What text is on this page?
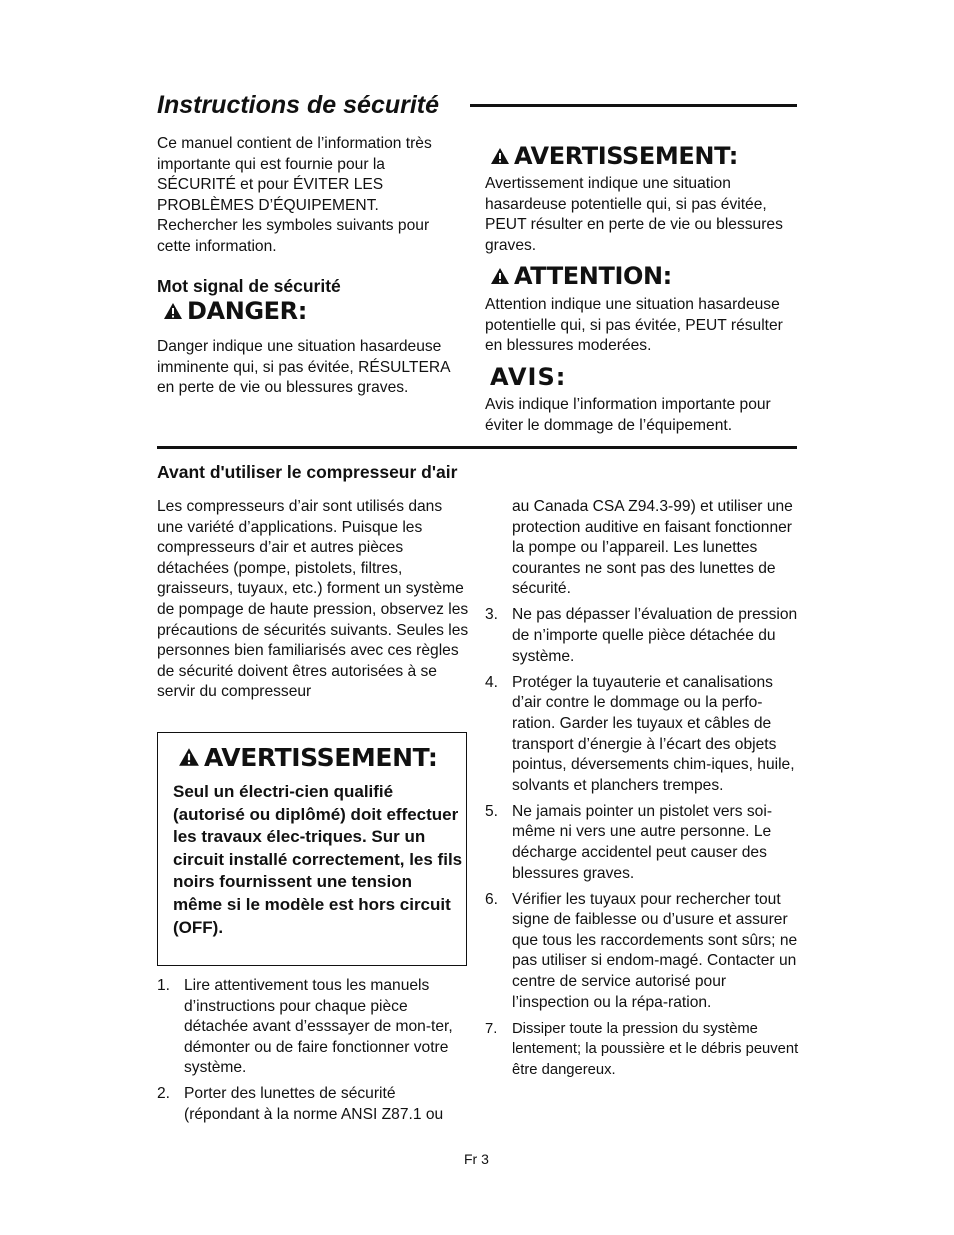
Instructions de sécurité
Ce manuel contient de l’information très importante qui est fournie pour la SÉCURITÉ et pour ÉVITER LES PROBLÈMES D’ÉQUIPEMENT. Rechercher les symboles suivants pour cette information.
Mot signal de sécurité
DANGER:
Danger indique une situation hasardeuse imminente qui, si pas évitée, RÉSULTERA en perte de vie ou blessures graves.
AVERTISSEMENT:
Avertissement indique une situation hasardeuse potentielle qui, si pas évitée, PEUT résulter en perte de vie ou blessures graves.
ATTENTION:
Attention indique une situation hasardeuse potentielle qui, si pas évitée, PEUT résulter en blessures moderées.
AVIS:
Avis indique l’information importante pour éviter le dommage de l’équipement.
Avant d'utiliser le compresseur d'air
Les compresseurs d’air sont utilisés dans une variété d’applications. Puisque les compresseurs d’air et autres pièces détachées (pompe, pistolets, filtres, graisseurs, tuyaux, etc.) forment un système de pompage de haute pression, observez les précautions de sécurités suivants. Seules les personnes bien familiarisés avec ces règles de sécurité doivent êtres autorisées à se servir du compresseur
AVERTISSEMENT:
Seul un électri-cien qualifié (autorisé ou diplômé) doit effectuer les travaux élec-triques. Sur un circuit installé correctement, les fils noirs fournissent une tension même si le modèle est hors circuit (OFF).
1. Lire attentivement tous les manuels d’instructions pour chaque pièce détachée avant d’esssayer de mon-ter, démonter ou de faire fonctionner votre système.
2. Porter des lunettes de sécurité (répondant à la norme ANSI Z87.1 ou
au Canada CSA Z94.3-99) et utiliser une protection auditive en faisant fonctionner la pompe ou l’appareil. Les lunettes courantes ne sont pas des lunettes de sécurité.
3. Ne pas dépasser l’évaluation de pression de n’importe quelle pièce détachée du système.
4. Protéger la tuyauterie et canalisations d’air contre le dommage ou la perfo-ration. Garder les tuyaux et câbles de transport d’énergie à l’écart des objets pointus, déversements chim-iques, huile, solvants et planchers trempes.
5. Ne jamais pointer un pistolet vers soi-même ni vers une autre personne. Le décharge accidentel peut causer des blessures graves.
6. Vérifier les tuyaux pour rechercher tout signe de faiblesse ou d’usure et assurer que tous les raccordements sont sûrs; ne pas utiliser si endom-magé. Contacter un centre de service autorisé pour l’inspection ou la répa-ration.
7. Dissiper toute la pression du système lentement; la poussière et le débris peuvent être dangereux.
Fr 3
